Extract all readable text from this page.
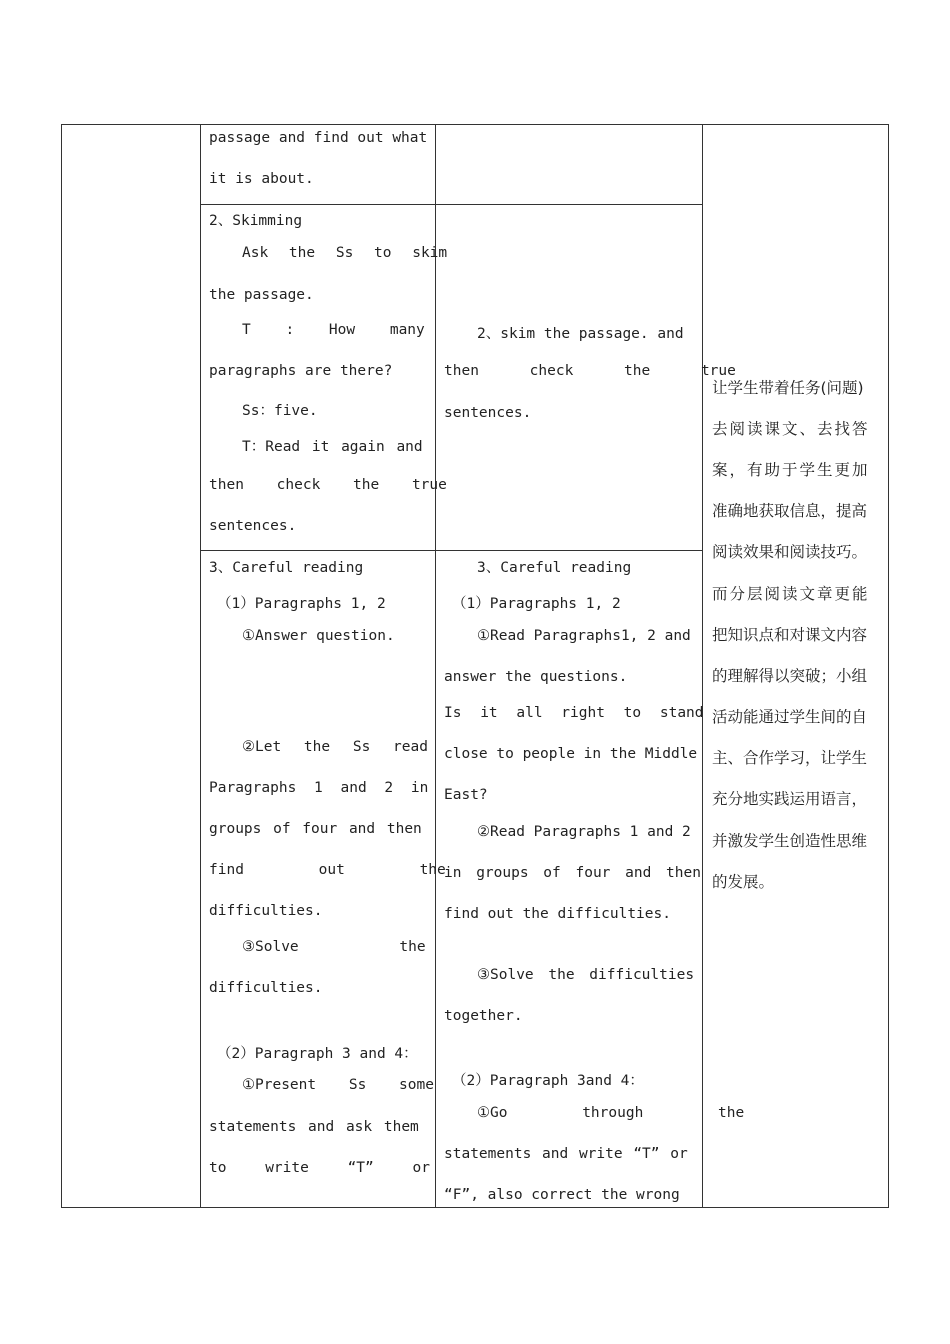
passage and find out what
it is about.
2、Skimming
Ask the Ss to skim
the passage.
T : How many
paragraphs are there?
Ss：five.
T：Read it again and
then check the true
sentences.
3、Careful reading
（1）Paragraphs 1, 2
①Answer question.
②Let the Ss read
Paragraphs 1 and 2 in
groups of four and then
find out the
difficulties.
③Solve the
difficulties.
（2）Paragraph 3 and 4：
①Present Ss some
statements and ask them
to write “T” or
2、skim the passage. and
then check the true
sentences.
3、Careful reading
（1）Paragraphs 1, 2
①Read Paragraphs1, 2 and
answer the questions.
Is it all right to stand
close to people in the Middle
East?
②Read Paragraphs 1 and 2
in groups of four and then
find out the difficulties.
③Solve the difficulties
together.
（2）Paragraph 3and 4：
①Go through the
statements and write “T” or
“F”, also correct the wrong
让学生带着任务(问题)
去阅读课文、去找答
案，有助于学生更加
准确地获取信息，提高
阅读效果和阅读技巧。
而分层阅读文章更能
把知识点和对课文内容
的理解得以突破；小组
活动能通过学生间的自
主、合作学习，让学生
充分地实践运用语言，
并激发学生创造性思维
的发展。
